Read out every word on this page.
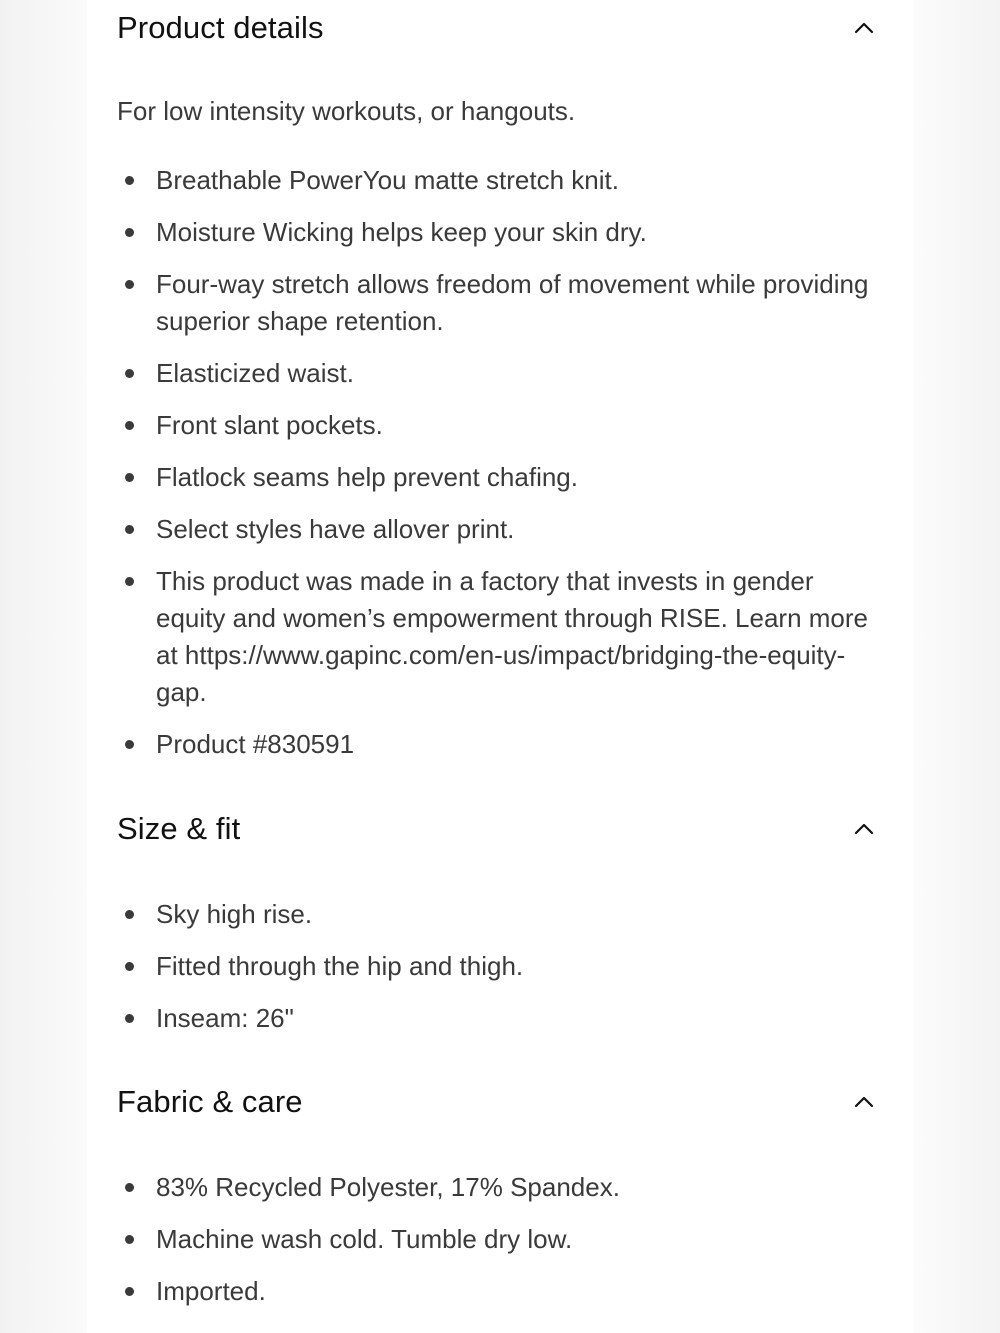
Product details
For low intensity workouts, or hangouts.
Breathable PowerYou matte stretch knit.
Moisture Wicking helps keep your skin dry.
Four-way stretch allows freedom of movement while providing superior shape retention.
Elasticized waist.
Front slant pockets.
Flatlock seams help prevent chafing.
Select styles have allover print.
This product was made in a factory that invests in gender equity and women’s empowerment through RISE. Learn more at https://www.gapinc.com/en-us/impact/bridging-the-equity-gap.
Product #830591
Size & fit
Sky high rise.
Fitted through the hip and thigh.
Inseam: 26"
Fabric & care
83% Recycled Polyester, 17% Spandex.
Machine wash cold. Tumble dry low.
Imported.
